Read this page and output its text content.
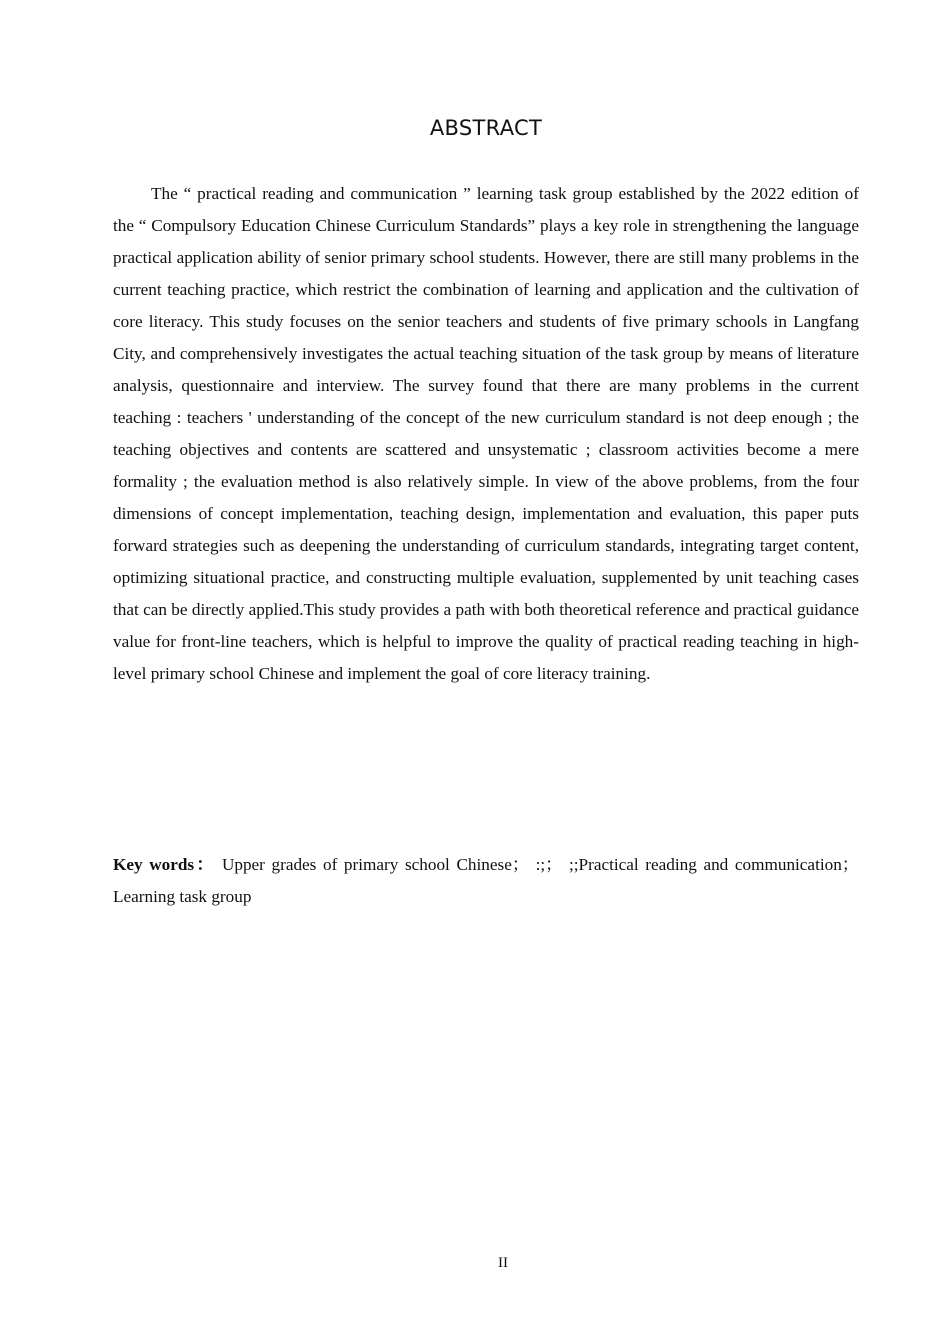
ABSTRACT

The “ practical reading and communication ” learning task group established by the 2022 edition of the “ Compulsory Education Chinese Curriculum Standards” plays a key role in strengthening the language practical application ability of senior primary school students. However, there are still many problems in the current teaching practice, which restrict the combination of learning and application and the cultivation of core literacy. This study focuses on the senior teachers and students of five primary schools in Langfang City, and comprehensively investigates the actual teaching situation of the task group by means of literature analysis, questionnaire and interview. The survey found that there are many problems in the current teaching : teachers ' understanding of the concept of the new curriculum standard is not deep enough ; the teaching objectives and contents are scattered and unsystematic ; classroom activities become a mere formality ; the evaluation method is also relatively simple. In view of the above problems, from the four dimensions of concept implementation, teaching design, implementation and evaluation, this paper puts forward strategies such as deepening the understanding of curriculum standards, integrating target content, optimizing situational practice, and constructing multiple evaluation, supplemented by unit teaching cases that can be directly applied.This study provides a path with both theoretical reference and practical guidance value for front-line teachers, which is helpful to improve the quality of practical reading teaching in high-level primary school Chinese and implement the goal of core literacy training.

Key words： Upper grades of primary school Chinese； :;； ;;Practical reading and communication；Learning task group

II
